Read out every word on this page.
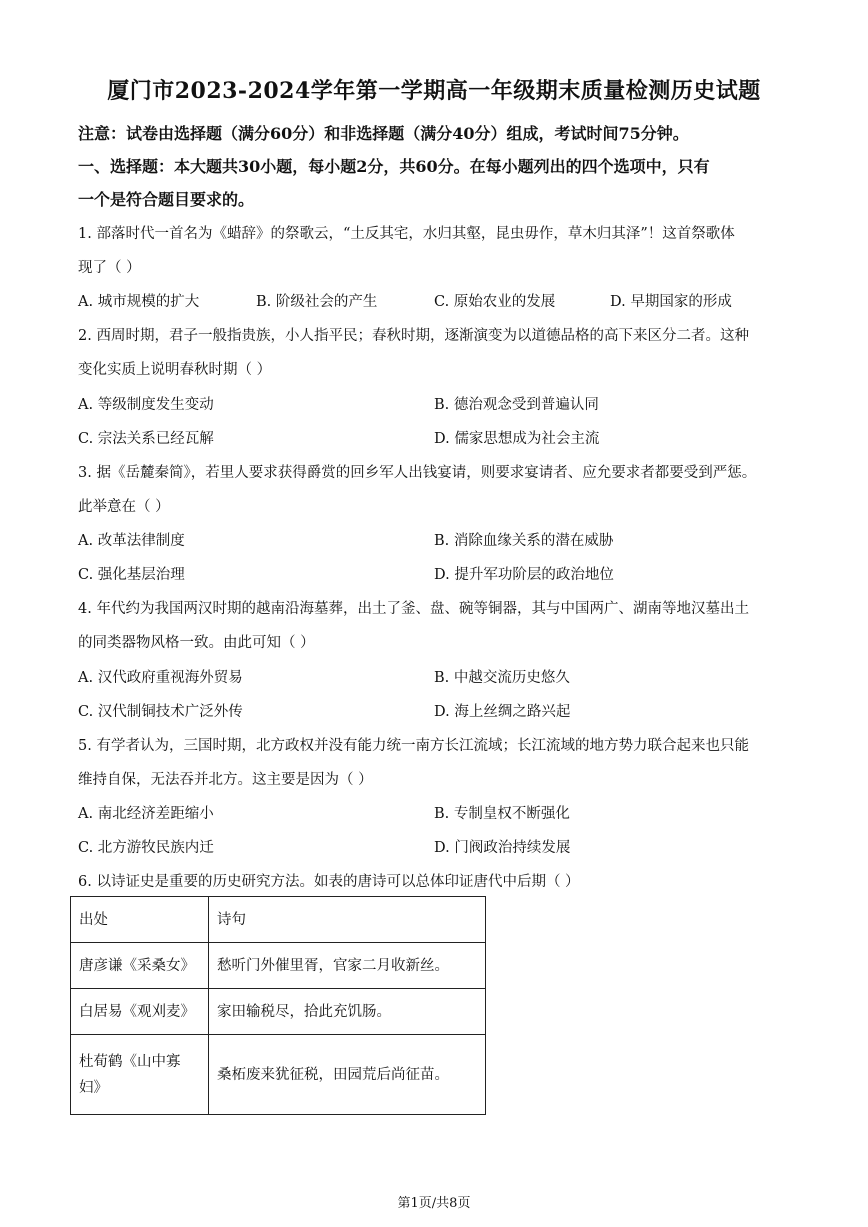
厦门市2023-2024学年第一学期高一年级期末质量检测历史试题
注意：试卷由选择题（满分60分）和非选择题（满分40分）组成，考试时间75分钟。
一、选择题：本大题共30小题，每小题2分，共60分。在每小题列出的四个选项中，只有
一个是符合题目要求的。
1. 部落时代一首名为《蜡辞》的祭歌云，“土反其宅，水归其壑，昆虫毋作，草木归其泽”！这首祭歌体
现了（ ）
A. 城市规模的扩大	B. 阶级社会的产生	C. 原始农业的发展	D. 早期国家的形成
2. 西周时期，君子一般指贵族，小人指平民；春秋时期，逐渐演变为以道德品格的高下来区分二者。这种
变化实质上说明春秋时期（ ）
A. 等级制度发生变动	B. 德治观念受到普遍认同
C. 宗法关系已经瓦解	D. 儒家思想成为社会主流
3. 据《岳麓秦简》，若里人要求获得爵赏的回乡军人出钱宴请，则要求宴请者、应允要求者都要受到严惩。
此举意在（ ）
A. 改革法律制度	B. 消除血缘关系的潜在威胁
C. 强化基层治理	D. 提升军功阶层的政治地位
4. 年代约为我国两汉时期的越南沿海墓葬，出土了釜、盘、碗等铜器，其与中国两广、湖南等地汉墓出土
的同类器物风格一致。由此可知（ ）
A. 汉代政府重视海外贸易	B. 中越交流历史悠久
C. 汉代制铜技术广泛外传	D. 海上丝绸之路兴起
5. 有学者认为，三国时期，北方政权并没有能力统一南方长江流域；长江流域的地方势力联合起来也只能
维持自保，无法吞并北方。这主要是因为（ ）
A. 南北经济差距缩小	B. 专制皇权不断强化
C. 北方游牧民族内迁	D. 门阀政治持续发展
6. 以诗证史是重要的历史研究方法。如表的唐诗可以总体印证唐代中后期（ ）
出处	诗句
唐彦谦《采桑女》	愁听门外催里胥，官家二月收新丝。
白居易《观刈麦》	家田输税尽，拾此充饥肠。
杜荀鹤《山中寡妇》	桑柘废来犹征税，田园荒后尚征苗。
第1页/共8页
